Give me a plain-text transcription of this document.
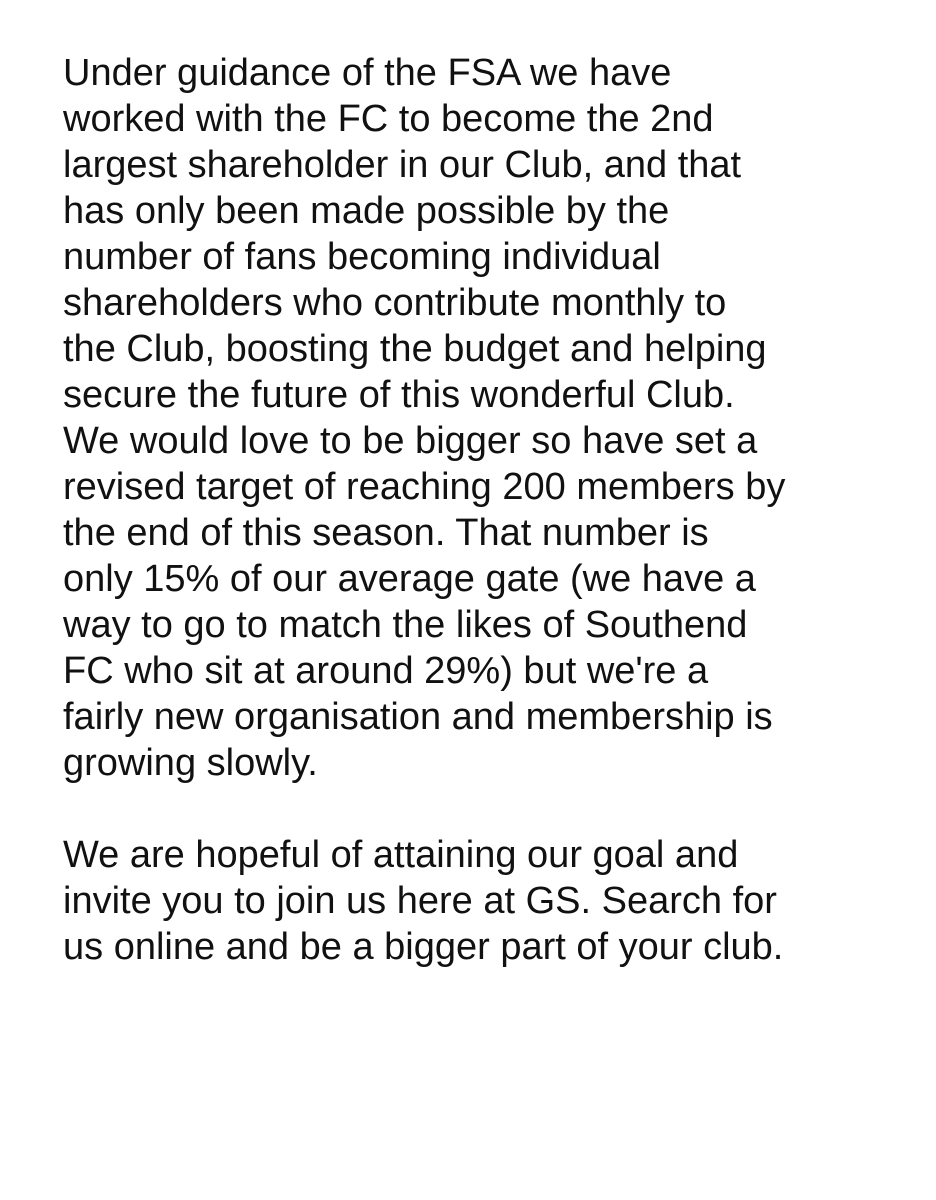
Under guidance of the FSA we have
worked with the FC to become the 2nd
largest shareholder in our Club, and that
has only been made possible by the
number of fans becoming individual
shareholders who contribute monthly to
the Club, boosting the budget and helping
secure the future of this wonderful Club.
We would love to be bigger so have set a
revised target of reaching 200 members by
the end of this season. That number is
only 15% of our average gate (we have a
way to go to match the likes of Southend
FC who sit at around 29%) but we're a
fairly new organisation and membership is
growing slowly.

We are hopeful of attaining our goal and
invite you to join us here at GS. Search for
us online and be a bigger part of your club.
